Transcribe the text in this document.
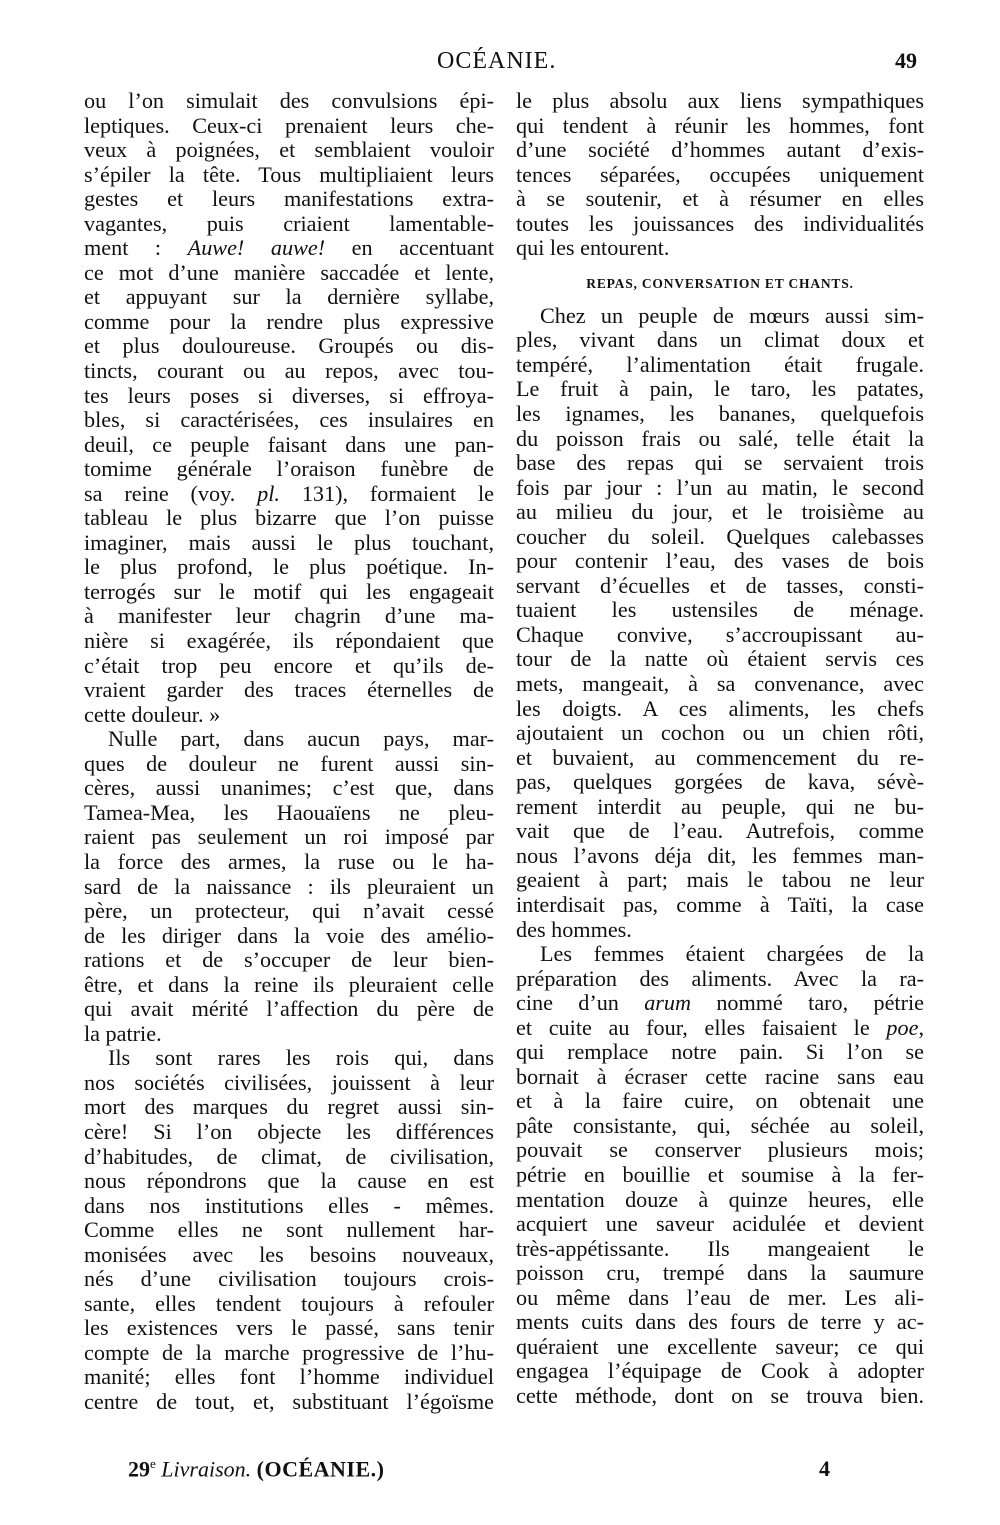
OCÉANIE.	49
ou l’on simulait des convulsions épi-
leptiques. Ceux-ci prenaient leurs che-
veux à poignées, et semblaient vouloir
s’épiler la tête. Tous multipliaient leurs
gestes et leurs manifestations extra-
vagantes, puis criaient lamentable-
ment : Auwe! auwe! en accentuant
ce mot d’une manière saccadée et lente,
et appuyant sur la dernière syllabe,
comme pour la rendre plus expressive
et plus douloureuse. Groupés ou dis-
tincts, courant ou au repos, avec tou-
tes leurs poses si diverses, si effroya-
bles, si caractérisées, ces insulaires en
deuil, ce peuple faisant dans une pan-
tomime générale l’oraison funèbre de
sa reine (voy. pl. 131), formaient le
tableau le plus bizarre que l’on puisse
imaginer, mais aussi le plus touchant,
le plus profond, le plus poétique. In-
terrogés sur le motif qui les engageait
à manifester leur chagrin d’une ma-
nière si exagérée, ils répondaient que
c’était trop peu encore et qu’ils de-
vraient garder des traces éternelles de
cette douleur. »
Nulle part, dans aucun pays, mar-
ques de douleur ne furent aussi sin-
cères, aussi unanimes; c’est que, dans
Tamea-Mea, les Haouaïens ne pleu-
raient pas seulement un roi imposé par
la force des armes, la ruse ou le ha-
sard de la naissance : ils pleuraient un
père, un protecteur, qui n’avait cessé
de les diriger dans la voie des amélio-
rations et de s’occuper de leur bien-
être, et dans la reine ils pleuraient celle
qui avait mérité l’affection du père de
la patrie.
Ils sont rares les rois qui, dans
nos sociétés civilisées, jouissent à leur
mort des marques du regret aussi sin-
cère! Si l’on objecte les différences
d’habitudes, de climat, de civilisation,
nous répondrons que la cause en est
dans nos institutions elles - mêmes.
Comme elles ne sont nullement har-
monisées avec les besoins nouveaux,
nés d’une civilisation toujours crois-
sante, elles tendent toujours à refouler
les existences vers le passé, sans tenir
compte de la marche progressive de l’hu-
manité; elles font l’homme individuel
centre de tout, et, substituant l’égoïsme
le plus absolu aux liens sympathiques
qui tendent à réunir les hommes, font
d’une société d’hommes autant d’exis-
tences séparées, occupées uniquement
à se soutenir, et à résumer en elles
toutes les jouissances des individualités
qui les entourent.
REPAS, CONVERSATION ET CHANTS.
Chez un peuple de mœurs aussi sim-
ples, vivant dans un climat doux et
tempéré, l’alimentation était frugale.
Le fruit à pain, le taro, les patates,
les ignames, les bananes, quelquefois
du poisson frais ou salé, telle était la
base des repas qui se servaient trois
fois par jour : l’un au matin, le second
au milieu du jour, et le troisième au
coucher du soleil. Quelques calebasses
pour contenir l’eau, des vases de bois
servant d’écuelles et de tasses, consti-
tuaient les ustensiles de ménage.
Chaque convive, s’accroupissant au-
tour de la natte où étaient servis ces
mets, mangeait, à sa convenance, avec
les doigts. A ces aliments, les chefs
ajoutaient un cochon ou un chien rôti,
et buvaient, au commencement du re-
pas, quelques gorgées de kava, sévè-
rement interdit au peuple, qui ne bu-
vait que de l’eau. Autrefois, comme
nous l’avons déja dit, les femmes man-
geaient à part; mais le tabou ne leur
interdisait pas, comme à Taïti, la case
des hommes.
Les femmes étaient chargées de la
préparation des aliments. Avec la ra-
cine d’un arum nommé taro, pétrie
et cuite au four, elles faisaient le poe,
qui remplace notre pain. Si l’on se
bornait à écraser cette racine sans eau
et à la faire cuire, on obtenait une
pâte consistante, qui, séchée au soleil,
pouvait se conserver plusieurs mois;
pétrie en bouillie et soumise à la fer-
mentation douze à quinze heures, elle
acquiert une saveur acidulée et devient
très-appétissante. Ils mangeaient le
poisson cru, trempé dans la saumure
ou même dans l’eau de mer. Les ali-
ments cuits dans des fours de terre y ac-
quéraient une excellente saveur; ce qui
engagea l’équipage de Cook à adopter
cette méthode, dont on se trouva bien.
29e Livraison. (OCÉANIE.)	4
